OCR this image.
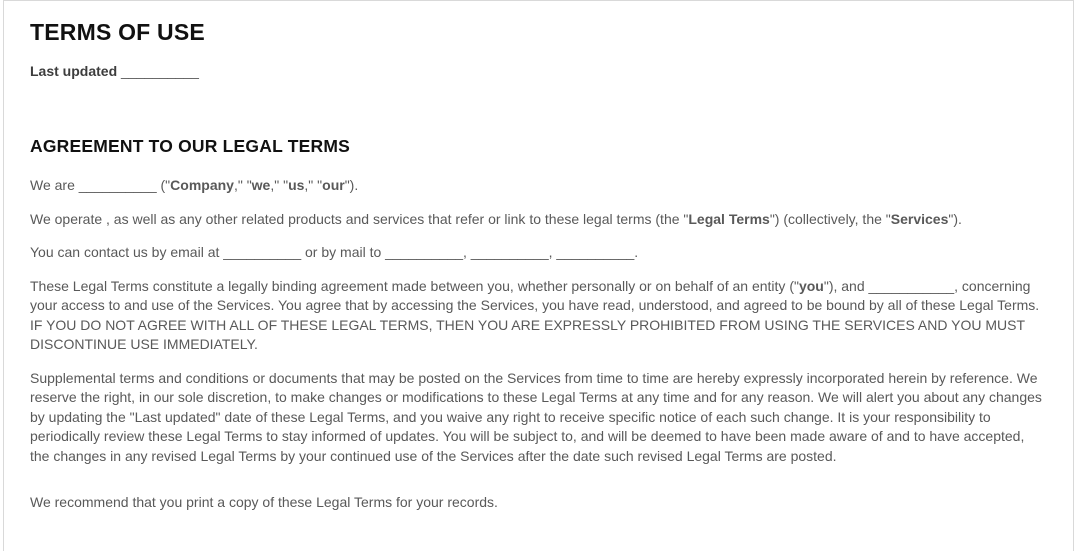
TERMS OF USE

Last updated __________

AGREEMENT TO OUR LEGAL TERMS

We are __________ ("Company," "we," "us," "our").

We operate , as well as any other related products and services that refer or link to these legal terms (the "Legal Terms") (collectively, the "Services").

You can contact us by email at __________ or by mail to __________, __________, __________.

These Legal Terms constitute a legally binding agreement made between you, whether personally or on behalf of an entity ("you"), and ___________, concerning your access to and use of the Services. You agree that by accessing the Services, you have read, understood, and agreed to be bound by all of these Legal Terms. IF YOU DO NOT AGREE WITH ALL OF THESE LEGAL TERMS, THEN YOU ARE EXPRESSLY PROHIBITED FROM USING THE SERVICES AND YOU MUST DISCONTINUE USE IMMEDIATELY.

Supplemental terms and conditions or documents that may be posted on the Services from time to time are hereby expressly incorporated herein by reference. We reserve the right, in our sole discretion, to make changes or modifications to these Legal Terms at any time and for any reason. We will alert you about any changes by updating the "Last updated" date of these Legal Terms, and you waive any right to receive specific notice of each such change. It is your responsibility to periodically review these Legal Terms to stay informed of updates. You will be subject to, and will be deemed to have been made aware of and to have accepted, the changes in any revised Legal Terms by your continued use of the Services after the date such revised Legal Terms are posted.

We recommend that you print a copy of these Legal Terms for your records.
